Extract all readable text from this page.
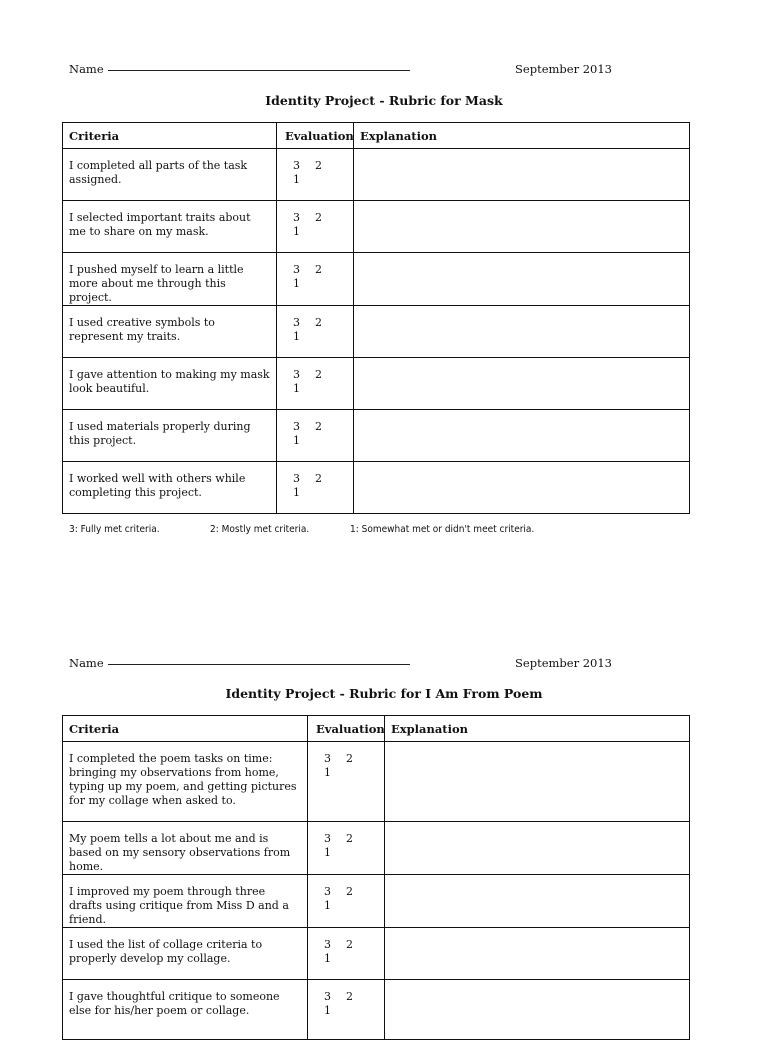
Name	September 2013
Identity Project - Rubric for Mask
Criteria	Evaluation	Explanation
I completed all parts of the task assigned.	3 21	

I selected important traits about me to share on my mask.	3 21	

I pushed myself to learn a little more about me through this project.	3 21	

I used creative symbols to represent my traits.	3 21	

I gave attention to making my mask look beautiful.	3 21	

I used materials properly during this project.	3 21	

I worked well with others while completing this project.	3 21	

3: Fully met criteria.	2: Mostly met criteria.	1: Somewhat met or didn't meet criteria.
Name	September 2013
Identity Project - Rubric for I Am From Poem
Criteria	Evaluation	Explanation
I completed the poem tasks on time: bringing my observations from home, typing up my poem, and getting pictures for my collage when asked to.	3 21	

My poem tells a lot about me and is based on my sensory observations from home.	3 21	

I improved my poem through three drafts using critique from Miss D and a friend.	3 21	

I used the list of collage criteria to properly develop my collage.	3 21	

I gave thoughtful critique to someone else for his/her poem or collage.	3 21	
